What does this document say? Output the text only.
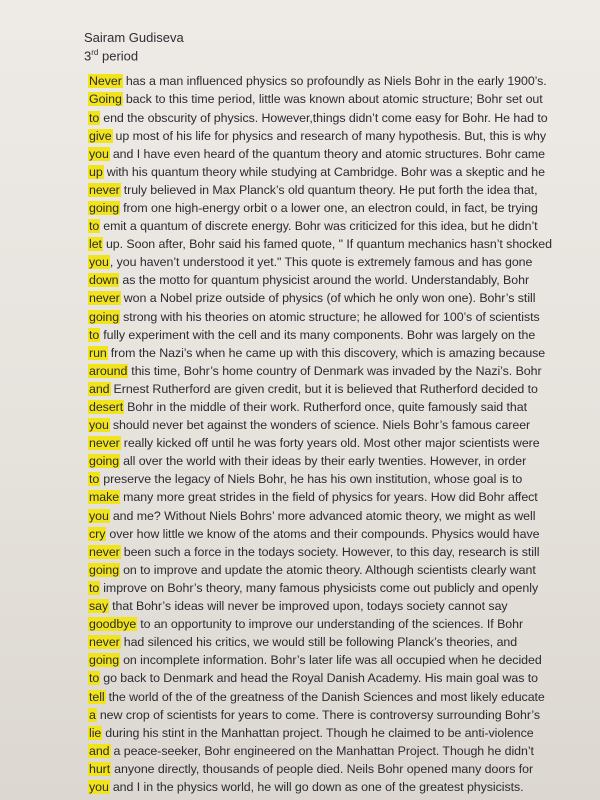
Sairam Gudiseva
3rd period
Never has a man influenced physics so profoundly as Niels Bohr in the early 1900’s.
Going back to this time period, little was known about atomic structure; Bohr set out
to end the obscurity of physics. However,things didn’t come easy for Bohr. He had to
give up most of his life for physics and research of many hypothesis. But, this is why
you and I have even heard of the quantum theory and atomic structures. Bohr came
up with his quantum theory while studying at Cambridge. Bohr was a skeptic and he
never truly believed in Max Planck’s old quantum theory. He put forth the idea that,
going from one high-energy orbit o a lower one, an electron could, in fact, be trying
to emit a quantum of discrete energy. Bohr was criticized for this idea, but he didn’t
let up. Soon after, Bohr said his famed quote, " If quantum mechanics hasn’t shocked
you, you haven’t understood it yet." This quote is extremely famous and has gone
down as the motto for quantum physicist around the world. Understandably, Bohr
never won a Nobel prize outside of physics (of which he only won one). Bohr’s still
going strong with his theories on atomic structure; he allowed for 100’s of scientists
to fully experiment with the cell and its many components. Bohr was largely on the
run from the Nazi’s when he came up with this discovery, which is amazing because
around this time, Bohr’s home country of Denmark was invaded by the Nazi’s. Bohr
and Ernest Rutherford are given credit, but it is believed that Rutherford decided to
desert Bohr in the middle of their work. Rutherford once, quite famously said that
you should never bet against the wonders of science. Niels Bohr’s famous career
never really kicked off until he was forty years old. Most other major scientists were
going all over the world with their ideas by their early twenties. However, in order
to preserve the legacy of Niels Bohr, he has his own institution, whose goal is to
make many more great strides in the field of physics for years. How did Bohr affect
you and me? Without Niels Bohrs’ more advanced atomic theory, we might as well
cry over how little we know of the atoms and their compounds. Physics would have
never been such a force in the todays society. However, to this day, research is still
going on to improve and update the atomic theory. Although scientists clearly want
to improve on Bohr’s theory, many famous physicists come out publicly and openly
say that Bohr’s ideas will never be improved upon, todays society cannot say
goodbye to an opportunity to improve our understanding of the sciences. If Bohr
never had silenced his critics, we would still be following Planck’s theories, and
going on incomplete information. Bohr’s later life was all occupied when he decided
to go back to Denmark and head the Royal Danish Academy. His main goal was to
tell the world of the of the greatness of the Danish Sciences and most likely educate
a new crop of scientists for years to come. There is controversy surrounding Bohr’s
lie during his stint in the Manhattan project. Though he claimed to be anti-violence
and a peace-seeker, Bohr engineered on the Manhattan Project. Though he didn’t
hurt anyone directly, thousands of people died. Neils Bohr opened many doors for
you and I in the physics world, he will go down as one of the greatest physicists.
